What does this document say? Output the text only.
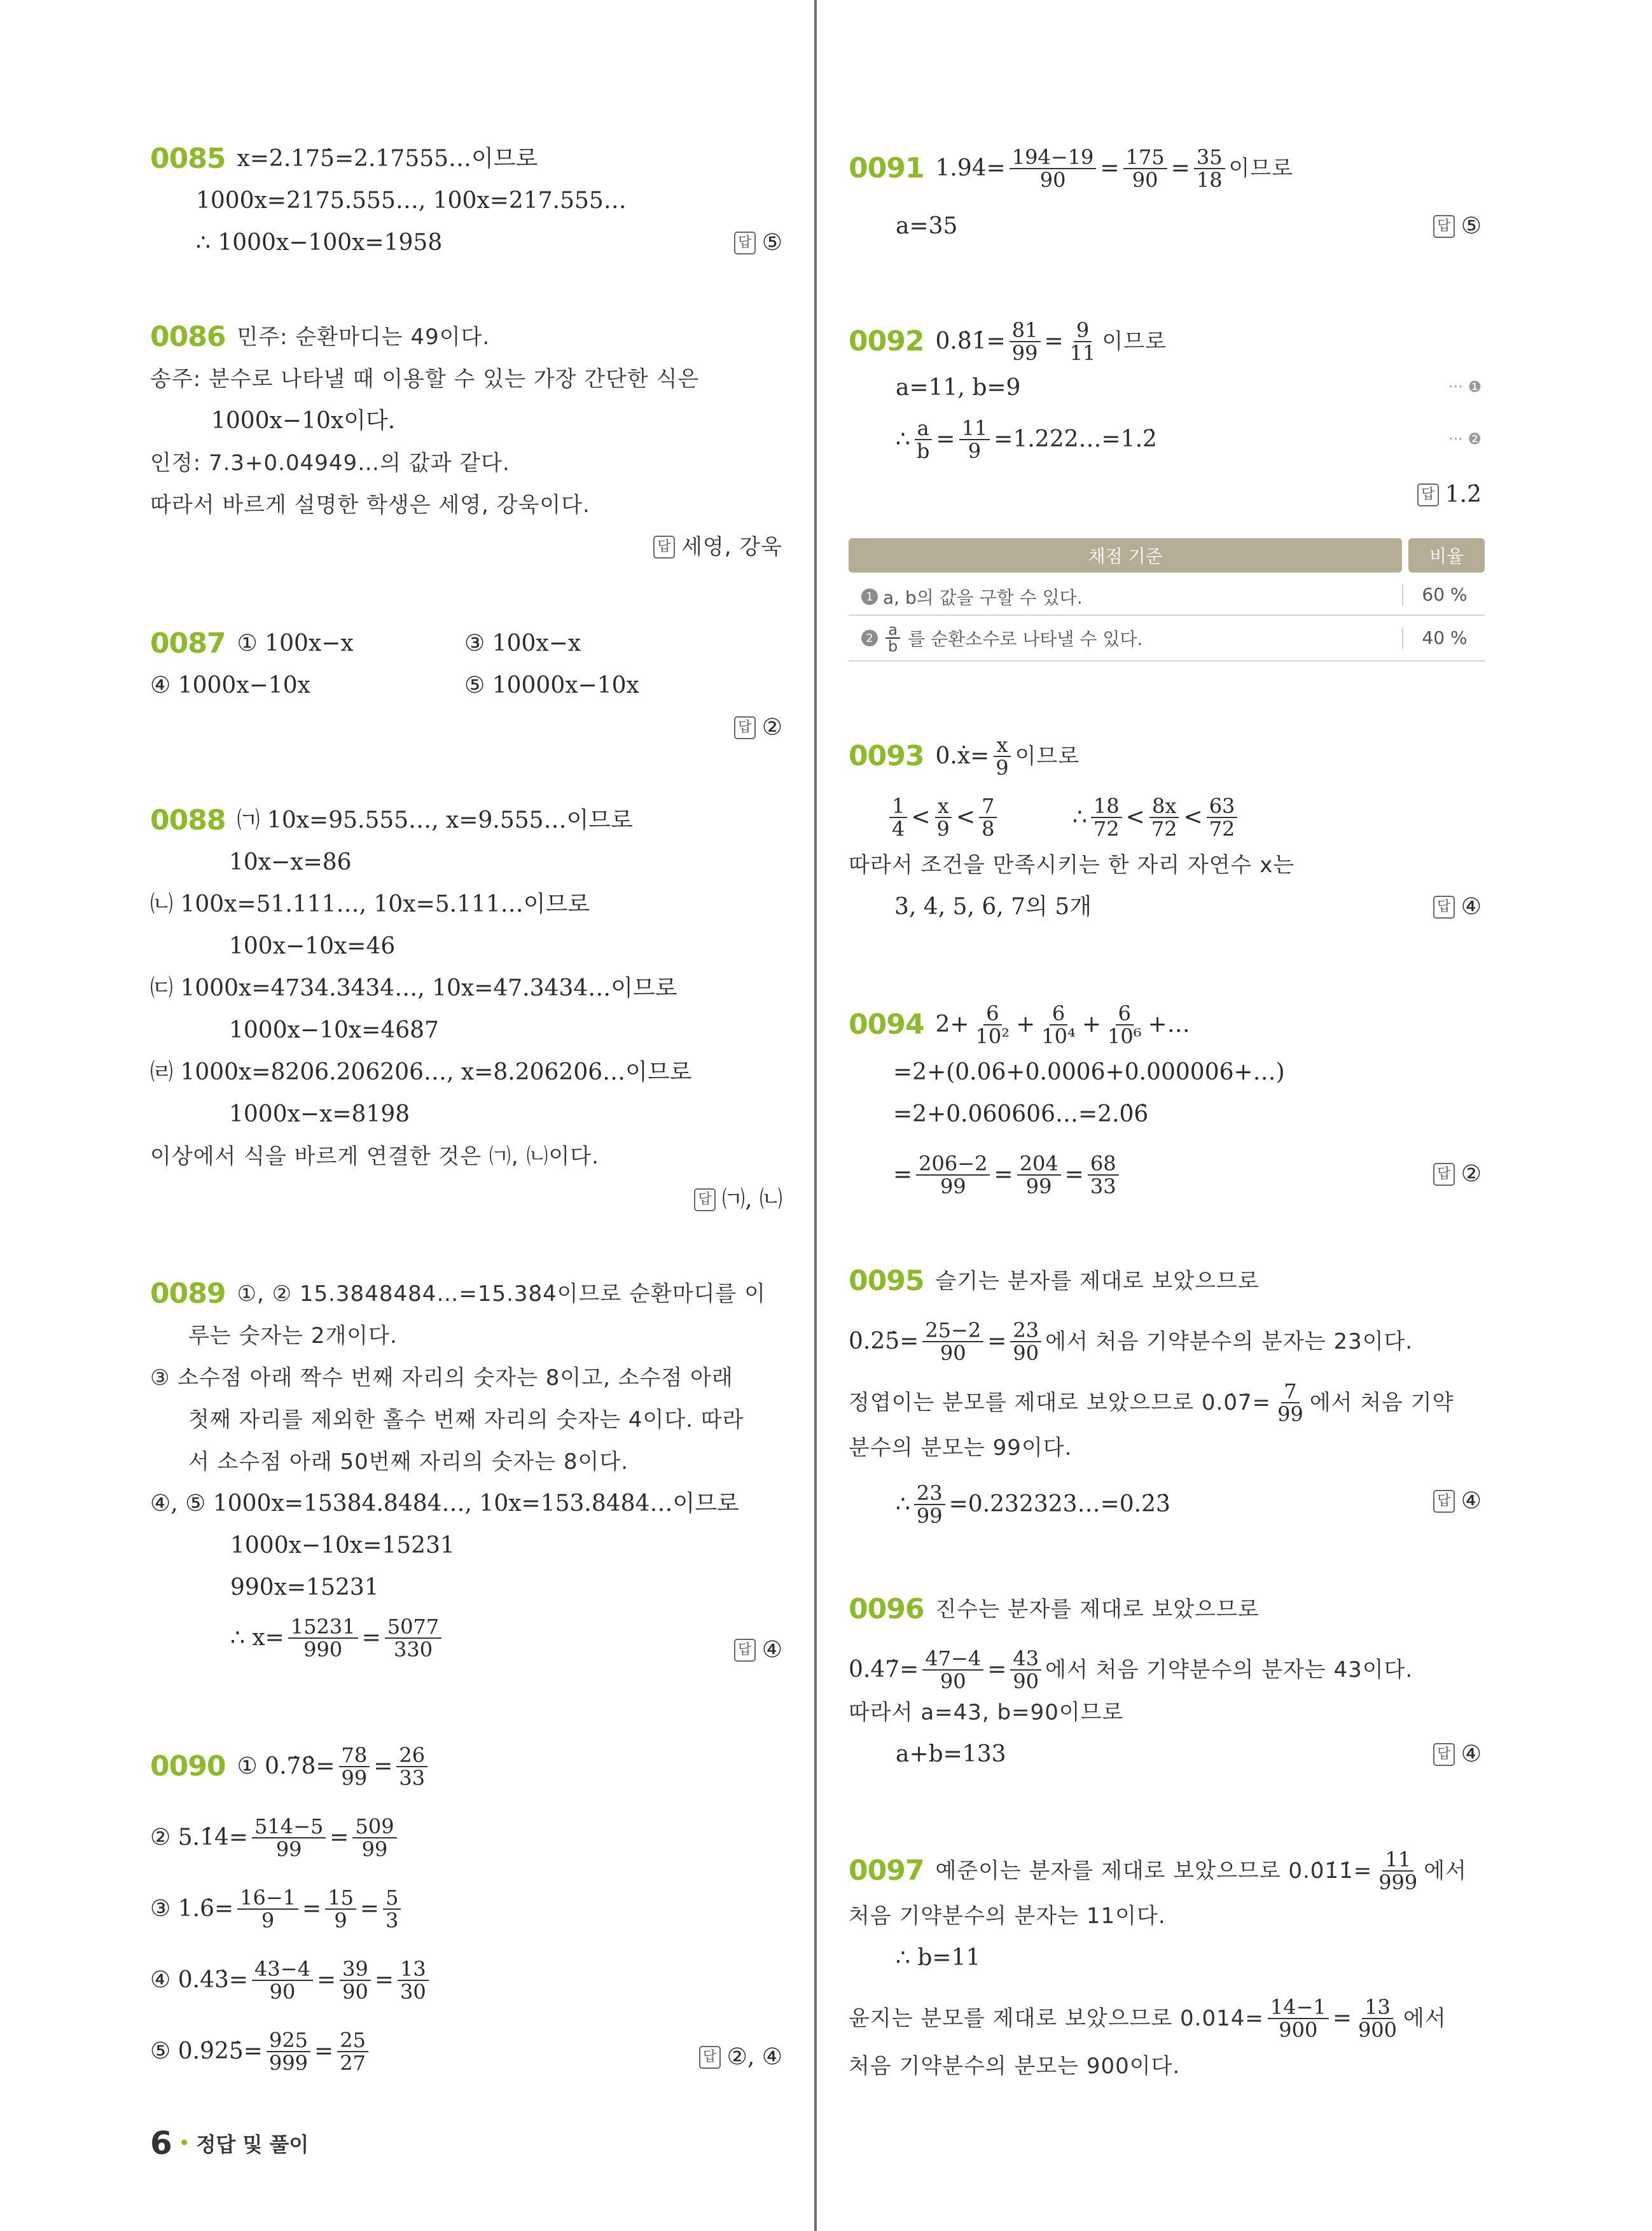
0085 x=2.175̇=2.17555…이므로
1000x=2175.555…, 100x=217.555…
∴ 1000x−100x=1958	답 ⑤
0086 민주: 순환마디는 49이다.
송주: 분수로 나타낼 때 이용할 수 있는 가장 간단한 식은
1000x−10x이다.
인정: 7.3+0.04949…의 값과 같다.
따라서 바르게 설명한 학생은 세영, 강욱이다.
답 세영, 강욱
0087 ① 100x−x	③ 100x−x
④ 1000x−10x	⑤ 10000x−10x
답 ②
0088 ㈀ 10x=95.555…, x=9.555…이므로
10x−x=86
㈁ 100x=51.111…, 10x=5.111…이므로
100x−10x=46
㈂ 1000x=4734.3434…, 10x=47.3434…이므로
1000x−10x=4687
㈃ 1000x=8206.206206…, x=8.206206…이므로
1000x−x=8198
이상에서 식을 바르게 연결한 것은 ㈀, ㈁이다.
답 ㈀, ㈁
0089 ①, ② 15.3848484…=15.38̇4̇이므로 순환마디를 이
루는 숫자는 2개이다.
③ 소수점 아래 짝수 번째 자리의 숫자는 8이고, 소수점 아래
첫째 자리를 제외한 홀수 번째 자리의 숫자는 4이다. 따라
서 소수점 아래 50번째 자리의 숫자는 8이다.
④, ⑤ 1000x=15384.8484…, 10x=153.8484…이므로
1000x−10x=15231
990x=15231
∴ $x= \frac{15231}{990} = \frac{5077}{330}$	답 ④
0090 ① 0.7̇8̇= $\frac{78}{99} = \frac{26}{33}$
② 5.1̇4̇= $\frac{514-5}{99} = \frac{509}{99}$
③ 1.6̇= $\frac{16-1}{9} = \frac{15}{9} = \frac{5}{3}$
④ 0.43̇= $\frac{43-4}{90} = \frac{39}{90} = \frac{13}{30}$
⑤ 0.9̇25̇= $\frac{925}{999} = \frac{25}{27}$	답 ②, ④
0091 1.94̇= $\frac{194-19}{90} = \frac{175}{90} = \frac{35}{18}$ 이므로
a=35	답 ⑤
0092 0.8̇1̇= $\frac{81}{99} = \frac{9}{11}$ 이므로
a=11, b=9	··· ❶
∴ $\frac{a}{b} = \frac{11}{9}$ =1.222…=1.2̇	··· ❷
답 1.2̇
채점 기준	비율
1 a, b의 값을 구할 수 있다.	60 %
$2 \frac{a}{b}$ 를 순환소수로 나타낼 수 있다.	40 %
0093 0.ẋ= $\frac{x}{9}$ 이므로
$\frac{1}{4} < \frac{x}{9} < \frac{7}{8}$	∴ $\frac{18}{72} < \frac{8x}{72} < \frac{63}{72}$
따라서 조건을 만족시키는 한 자리 자연수 x는
3, 4, 5, 6, 7의 5개	답 ④
0094 $2+ \frac{6}{\text{10²}} + \frac{6}{\text{10⁴}} + \frac{6}{\text{10⁶}}$ +…
=2+(0.06+0.0006+0.000006+…)
=2+0.060606…=2.0̇6̇
= $\frac{206-2}{99} = \frac{204}{99} = \frac{68}{33}$	답 ②
0095 슬기는 분자를 제대로 보았으므로
0.25̇= $\frac{25-2}{90} = \frac{23}{90}$ 에서 처음 기약분수의 분자는 23이다.
정엽이는 분모를 제대로 보았으므로 0.0̇7̇= $\frac{7}{99}$ 에서 처음 기약
분수의 분모는 99이다.
∴ $\frac{23}{99}$ =0.232323…=0.2̇3̇	답 ④
0096 진수는 분자를 제대로 보았으므로
0.47̇= $\frac{47-4}{90} = \frac{43}{90}$ 에서 처음 기약분수의 분자는 43이다.
따라서 a=43, b=90이므로
a+b=133	답 ④
0097 예준이는 분자를 제대로 보았으므로 0.0̇1̇1̇= $\frac{11}{999}$ 에서
처음 기약분수의 분자는 11이다.
∴ b=11
윤지는 분모를 제대로 보았으므로 0.014̇= $\frac{14-1}{900} = \frac{13}{900}$ 에서
처음 기약분수의 분모는 900이다.
6 • 정답 및 풀이
